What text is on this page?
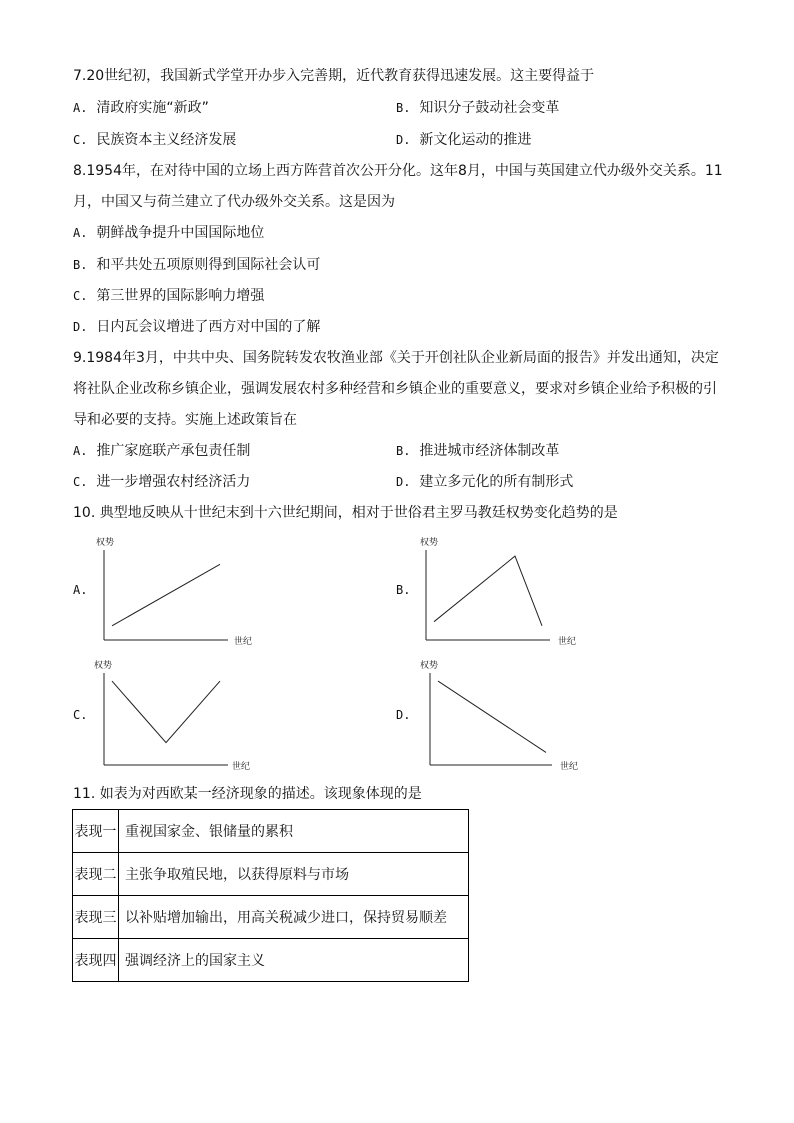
7.20世纪初，我国新式学堂开办步入完善期，近代教育获得迅速发展。这主要得益于
A. 清政府实施“新政”	B. 知识分子鼓动社会变革
C. 民族资本主义经济发展	D. 新文化运动的推进
8.1954年，在对待中国的立场上西方阵营首次公开分化。这年8月，中国与英国建立代办级外交关系。11
月，中国又与荷兰建立了代办级外交关系。这是因为
A. 朝鲜战争提升中国国际地位
B. 和平共处五项原则得到国际社会认可
C. 第三世界的国际影响力增强
D. 日内瓦会议增进了西方对中国的了解
9.1984年3月，中共中央、国务院转发农牧渔业部《关于开创社队企业新局面的报告》并发出通知，决定
将社队企业改称乡镇企业，强调发展农村多种经营和乡镇企业的重要意义，要求对乡镇企业给予积极的引
导和必要的支持。实施上述政策旨在
A. 推广家庭联产承包责任制	B. 推进城市经济体制改革
C. 进一步增强农村经济活力	D. 建立多元化的所有制形式
10. 典型地反映从十世纪末到十六世纪期间，相对于世俗君主罗马教廷权势变化趋势的是
A.	B.
C.	D.
权势
世纪
权势
世纪
权势
世纪
权势
世纪
11. 如表为对西欧某一经济现象的描述。该现象体现的是
表现一	重视国家金、银储量的累积
表现二	主张争取殖民地，以获得原料与市场
表现三	以补贴增加输出，用高关税减少进口，保持贸易顺差
表现四	强调经济上的国家主义
